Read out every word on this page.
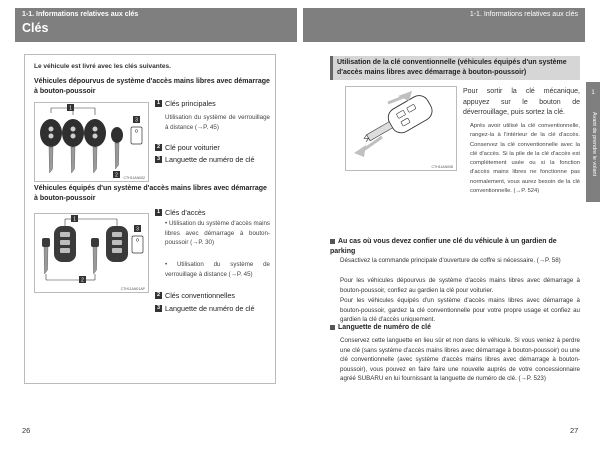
1-1. Informations relatives aux clés
Clés
1-1. Informations relatives aux clés
Le véhicule est livré avec les clés suivantes.
Véhicules dépourvus de système d'accès mains libres avec démarrage à bouton-poussoir
1
2
3
CTH11AN002
1 Clés principales
Utilisation du système de verrouillage à distance (→P. 45)
2 Clé pour voiturier
3 Languette de numéro de clé
Véhicules équipés d'un système d'accès mains libres avec démarrage à bouton-poussoir
1
2
3
CTH11AN01AP
1 Clés d'accès
• Utilisation du système d'accès mains libres avec démarrage à bouton-poussoir (→P. 30)
• Utilisation du système de verrouillage à distance (→P. 45)
2 Clés conventionnelles
3 Languette de numéro de clé
Utilisation de la clé conventionnelle (véhicules équipés d'un système d'accès mains libres avec démarrage à bouton-poussoir)
CTH11AN008
Pour sortir la clé mécanique, appuyez sur le bouton de déverrouillage, puis sortez la clé.
Après avoir utilisé la clé conventionnelle, rangez-la à l'intérieur de la clé d'accès. Conservez la clé conventionnelle avec la clé d'accès. Si la pile de la clé d'accès est complètement usée ou si la fonction d'accès mains libres ne fonctionne pas normalement, vous aurez besoin de la clé conventionnelle. (→P. 524)
Au cas où vous devez confier une clé du véhicule à un gardien de parking
Désactivez la commande principale d'ouverture de coffre si nécessaire. (→P. 58)
Pour les véhicules dépourvus de système d'accès mains libres avec démarrage à bouton-poussoir, confiez au gardien la clé pour voiturier.
Pour les véhicules équipés d'un système d'accès mains libres avec démarrage à bouton-poussoir, gardez la clé conventionnelle pour votre propre usage et confiez au gardien la clé d'accès uniquement.
Languette de numéro de clé
Conservez cette languette en lieu sûr et non dans le véhicule. Si vous veniez à perdre une clé (sans système d'accès mains libres avec démarrage à bouton-poussoir) ou une clé conventionnelle (avec système d'accès mains libres avec démarrage à bouton-poussoir), vous pouvez en faire faire une nouvelle auprès de votre concessionnaire agréé SUBARU en lui fournissant la languette de numéro de clé. (→P. 523)
1
Avant de prendre le volant
26	27
